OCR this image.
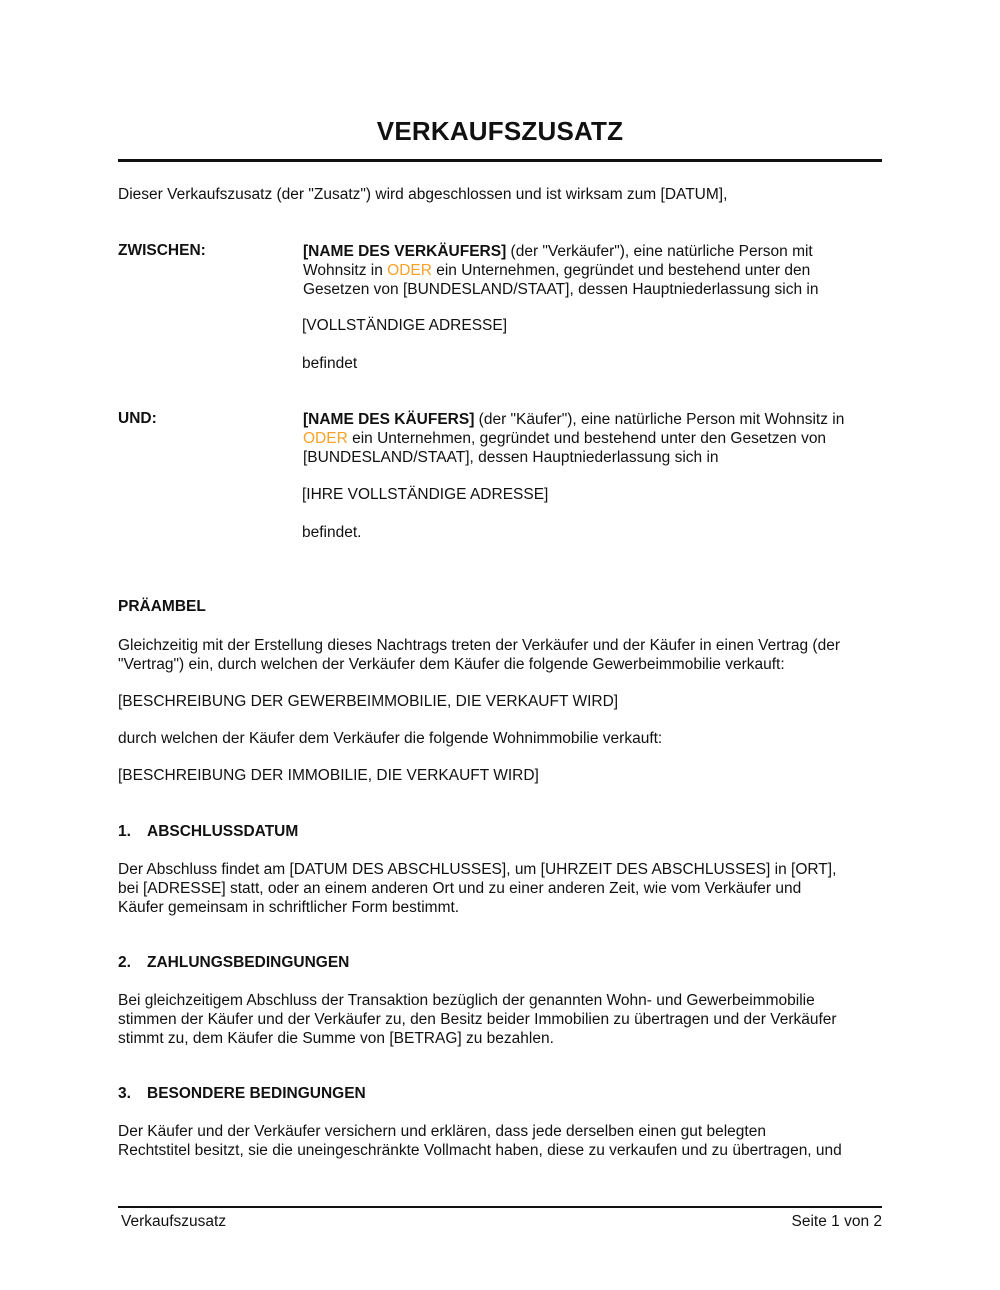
VERKAUFSZUSATZ
Dieser Verkaufszusatz (der "Zusatz") wird abgeschlossen und ist wirksam zum [DATUM],
ZWISCHEN:	[NAME DES VERKÄUFERS] (der "Verkäufer"), eine natürliche Person mit
Wohnsitz in ODER ein Unternehmen, gegründet und bestehend unter den
Gesetzen von [BUNDESLAND/STAAT], dessen Hauptniederlassung sich in
[VOLLSTÄNDIGE ADRESSE]
befindet
UND:	[NAME DES KÄUFERS] (der "Käufer"), eine natürliche Person mit Wohnsitz in
ODER ein Unternehmen, gegründet und bestehend unter den Gesetzen von
[BUNDESLAND/STAAT], dessen Hauptniederlassung sich in
[IHRE VOLLSTÄNDIGE ADRESSE]
befindet.
PRÄAMBEL
Gleichzeitig mit der Erstellung dieses Nachtrags treten der Verkäufer und der Käufer in einen Vertrag (der
"Vertrag") ein, durch welchen der Verkäufer dem Käufer die folgende Gewerbeimmobilie verkauft:
[BESCHREIBUNG DER GEWERBEIMMOBILIE, DIE VERKAUFT WIRD]
durch welchen der Käufer dem Verkäufer die folgende Wohnimmobilie verkauft:
[BESCHREIBUNG DER IMMOBILIE, DIE VERKAUFT WIRD]
1. ABSCHLUSSDATUM
Der Abschluss findet am [DATUM DES ABSCHLUSSES], um [UHRZEIT DES ABSCHLUSSES] in [ORT],
bei [ADRESSE] statt, oder an einem anderen Ort und zu einer anderen Zeit, wie vom Verkäufer und
Käufer gemeinsam in schriftlicher Form bestimmt.
2. ZAHLUNGSBEDINGUNGEN
Bei gleichzeitigem Abschluss der Transaktion bezüglich der genannten Wohn- und Gewerbeimmobilie
stimmen der Käufer und der Verkäufer zu, den Besitz beider Immobilien zu übertragen und der Verkäufer
stimmt zu, dem Käufer die Summe von [BETRAG] zu bezahlen.
3. BESONDERE BEDINGUNGEN
Der Käufer und der Verkäufer versichern und erklären, dass jede derselben einen gut belegten
Rechtstitel besitzt, sie die uneingeschränkte Vollmacht haben, diese zu verkaufen und zu übertragen, und
Verkaufszusatz	Seite 1 von 2
